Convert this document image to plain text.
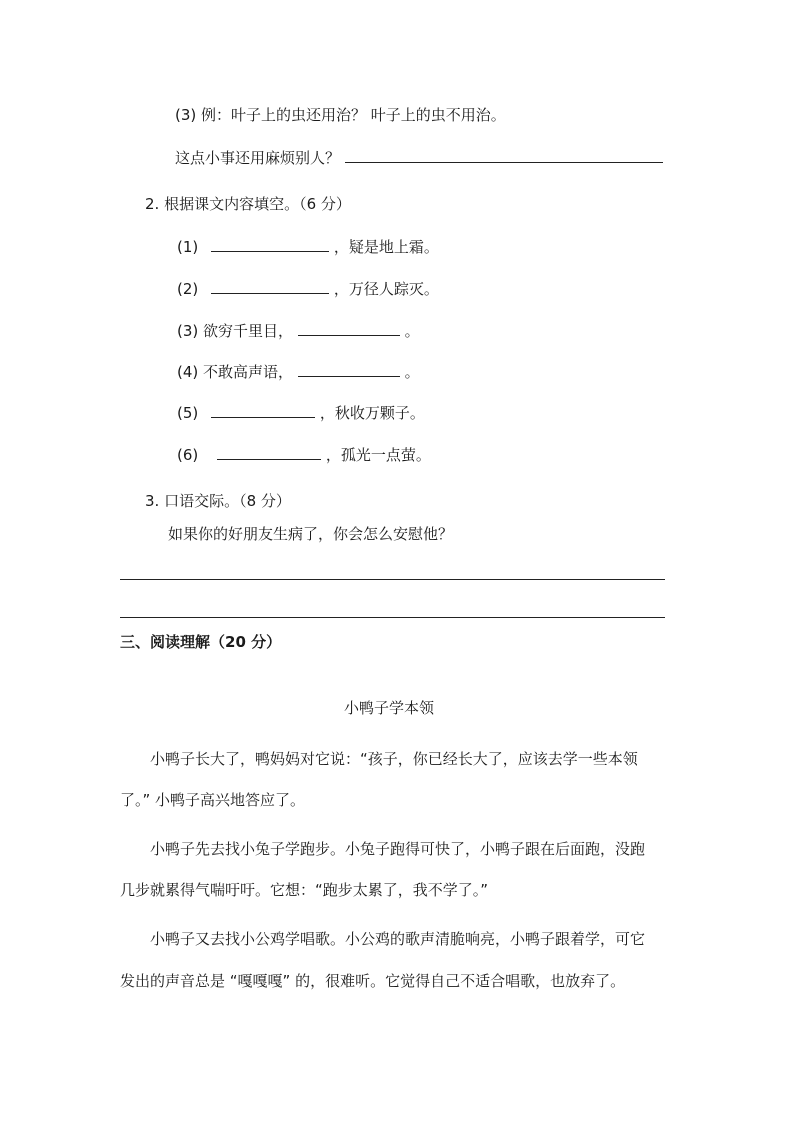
(3) 例：叶子上的虫还用治？ 叶子上的虫不用治。
这点小事还用麻烦别人？
2. 根据课文内容填空。（6 分）
(1)	，疑是地上霜。
(2)	，万径人踪灭。
(3) 欲穷千里目，	。
(4) 不敢高声语，	。
(5)	，秋收万颗子。
(6)	，孤光一点萤。
3. 口语交际。（8 分）
如果你的好朋友生病了，你会怎么安慰他？
三、阅读理解（20 分）
小鸭子学本领
小鸭子长大了，鸭妈妈对它说：“孩子，你已经长大了，应该去学一些本领
了。” 小鸭子高兴地答应了。
小鸭子先去找小兔子学跑步。小兔子跑得可快了，小鸭子跟在后面跑，没跑
几步就累得气喘吁吁。它想：“跑步太累了，我不学了。”
小鸭子又去找小公鸡学唱歌。小公鸡的歌声清脆响亮，小鸭子跟着学，可它
发出的声音总是 “嘎嘎嘎” 的，很难听。它觉得自己不适合唱歌，也放弃了。
